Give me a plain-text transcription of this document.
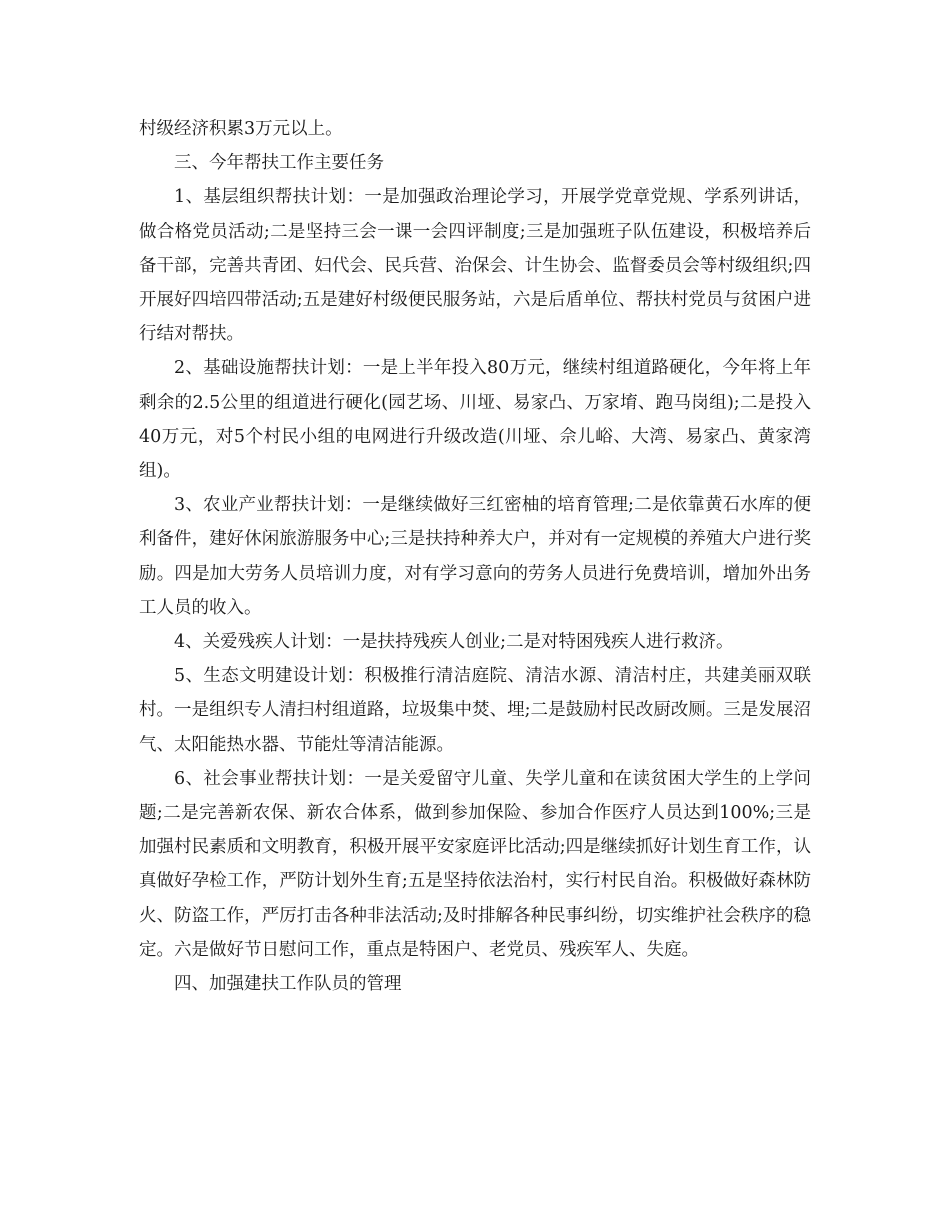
村级经济积累3万元以上。

三、今年帮扶工作主要任务

1、基层组织帮扶计划：一是加强政治理论学习，开展学党章党规、学系列讲话，做合格党员活动;二是坚持三会一课一会四评制度;三是加强班子队伍建设，积极培养后备干部，完善共青团、妇代会、民兵营、治保会、计生协会、监督委员会等村级组织;四开展好四培四带活动;五是建好村级便民服务站，六是后盾单位、帮扶村党员与贫困户进行结对帮扶。

2、基础设施帮扶计划：一是上半年投入80万元，继续村组道路硬化，今年将上年剩余的2.5公里的组道进行硬化(园艺场、川垭、易家凸、万家堉、跑马岗组);二是投入40万元，对5个村民小组的电网进行升级改造(川垭、佘儿峪、大湾、易家凸、黄家湾组)。

3、农业产业帮扶计划：一是继续做好三红密柚的培育管理;二是依靠黄石水库的便利备件，建好休闲旅游服务中心;三是扶持种养大户，并对有一定规模的养殖大户进行奖励。四是加大劳务人员培训力度，对有学习意向的劳务人员进行免费培训，增加外出务工人员的收入。

4、关爱残疾人计划：一是扶持残疾人创业;二是对特困残疾人进行救济。

5、生态文明建设计划：积极推行清洁庭院、清洁水源、清洁村庄，共建美丽双联村。一是组织专人清扫村组道路，垃圾集中焚、埋;二是鼓励村民改厨改厕。三是发展沼气、太阳能热水器、节能灶等清洁能源。

6、社会事业帮扶计划：一是关爱留守儿童、失学儿童和在读贫困大学生的上学问题;二是完善新农保、新农合体系，做到参加保险、参加合作医疗人员达到100%;三是加强村民素质和文明教育，积极开展平安家庭评比活动;四是继续抓好计划生育工作，认真做好孕检工作，严防计划外生育;五是坚持依法治村，实行村民自治。积极做好森林防火、防盗工作，严厉打击各种非法活动;及时排解各种民事纠纷，切实维护社会秩序的稳定。六是做好节日慰问工作，重点是特困户、老党员、残疾军人、失庭。

四、加强建扶工作队员的管理
